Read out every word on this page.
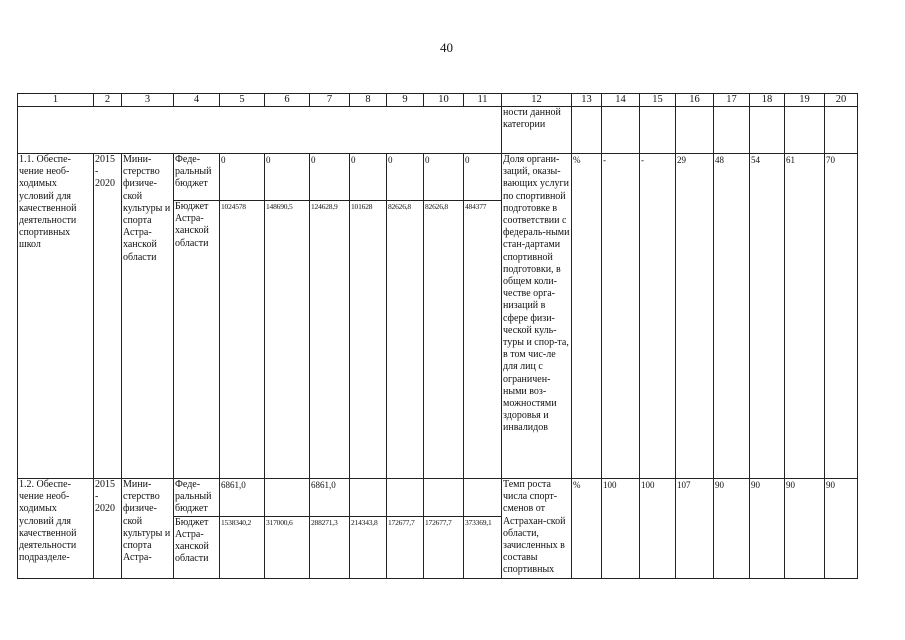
40
1	2	3	4	5	6	7	8	9	10	11	12	13	14	15	16	17	18	19	20
											ности данной категории								
1.1. Обеспе-чение необ-ходимых условий для качественной деятельности спортивных школ	2015 - 2020	Мини-стерство физиче-ской культуры и спорта Астра-ханской области	Феде-ральный бюджет	0	0	0	0	0	0	0	Доля органи-заций, оказы-вающих услуги по спортивной подготовке в соответствии с федераль-ными стан-дартами спортивной подготовки, в общем коли-честве орга-низаций в сфере физи-ческой куль-туры и спор-та, в том чис-ле для лиц с ограничен-ными воз-можностями здоровья и инвалидов	%	-	-	29	48	54	61	70
			Бюджет Астра-ханской области	1024578	148690,5	124628,9	101628	82626,8	82626,8	484377									
1.2. Обеспе-чение необ-ходимых условий для качественной деятельности подразделе-	2015 - 2020	Мини-стерство физиче-ской культуры и спорта Астра-	Феде-ральный бюджет	6861,0		6861,0					Темп роста числа спорт-сменов от Астрахан-ской области, зачисленных в составы спортивных	%	100	100	107	90	90	90	90
			Бюджет Астра-ханской области	1538340,2	317000,6	288271,3	214343,8	172677,7	172677,7	373369,1									
